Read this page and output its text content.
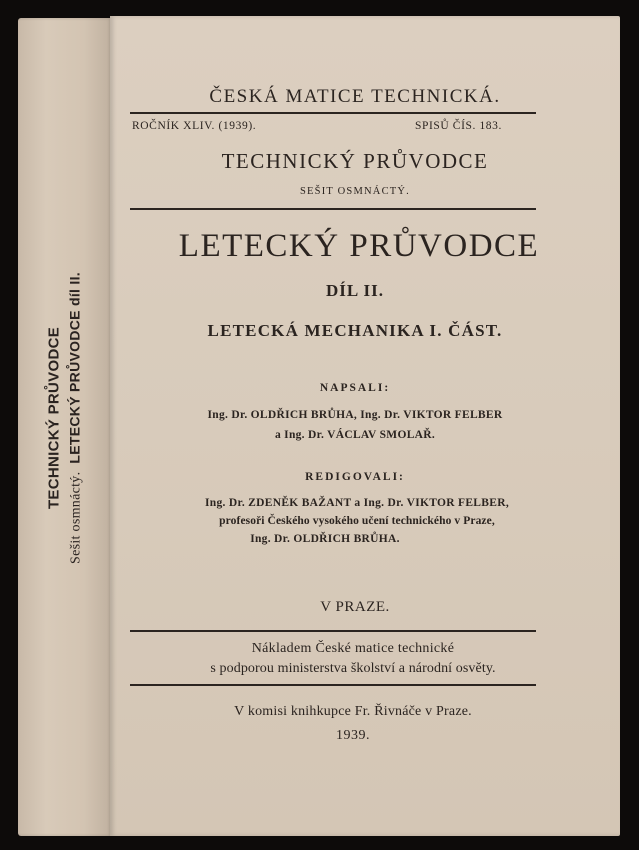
TECHNICKÝ PRŮVODCE
Sešit osmnáctý.LETECKÝ PRŮVODCE díl II.
ČESKÁ MATICE TECHNICKÁ.
ROČNÍK XLIV. (1939).	SPISŮ ČÍS. 183.
TECHNICKÝ PRŮVODCE
SEŠIT OSMNÁCTÝ.
LETECKÝ PRŮVODCE
DÍL II.
LETECKÁ MECHANIKA I. ČÁST.
NAPSALI:
Ing. Dr. OLDŘICH BRŮHA, Ing. Dr. VIKTOR FELBER
a Ing. Dr. VÁCLAV SMOLAŘ.
REDIGOVALI:
Ing. Dr. ZDENĚK BAŽANT a Ing. Dr. VIKTOR FELBER,
profesoři Českého vysokého učení technického v Praze,
Ing. Dr. OLDŘICH BRŮHA.
V PRAZE.
Nákladem České matice technické
s podporou ministerstva školství a národní osvěty.
V komisi knihkupce Fr. Řivnáče v Praze.
1939.
